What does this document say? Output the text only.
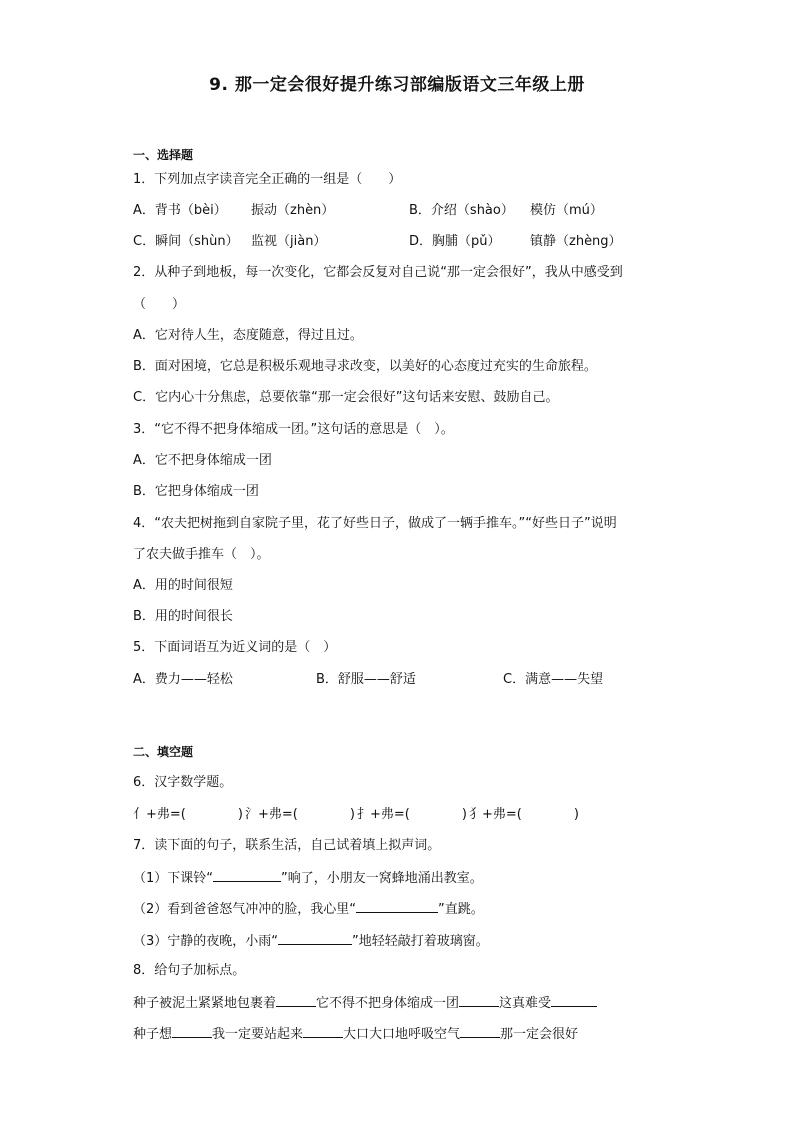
9. 那一定会很好提升练习部编版语文三年级上册
一、选择题
1．下列加点字读音完全正确的一组是（　　）
A．背书（bèi） 振动（zhèn）	B．介绍（shào） 模仿（mú）
C．瞬间（shùn） 监视（jiàn）	D．胸脯（pǔ） 镇静（zhèng）
2．从种子到地板，每一次变化，它都会反复对自己说“那一定会很好”，我从中感受到
（　　）
A．它对待人生，态度随意，得过且过。
B．面对困境，它总是积极乐观地寻求改变，以美好的心态度过充实的生命旅程。
C．它内心十分焦虑，总要依靠“那一定会很好”这句话来安慰、鼓励自己。
3．“它不得不把身体缩成一团。”这句话的意思是（　）。
A．它不把身体缩成一团
B．它把身体缩成一团
4．“农夫把树拖到自家院子里，花了好些日子，做成了一辆手推车。”“好些日子”说明
了农夫做手推车（　）。
A．用的时间很短
B．用的时间很长
5．下面词语互为近义词的是（　）
A．费力——轻松	B．舒服——舒适	C．满意——失望
二、填空题
6．汉字数学题。
亻+弗=(　　　　) 氵+弗=(　　　　) 扌+弗=(　　　　) 犭+弗=(　　　　)
7．读下面的句子，联系生活，自己试着填上拟声词。
（1）下课铃“	”响了，小朋友一窝蜂地涌出教室。
（2）看到爸爸怒气冲冲的脸，我心里“	”直跳。
（3）宁静的夜晚，小雨“	”地轻轻敲打着玻璃窗。
8．给句子加标点。
种子被泥土紧紧地包裹着	它不得不把身体缩成一团	这真难受
种子想	我一定要站起来	大口大口地呼吸空气	那一定会很好
